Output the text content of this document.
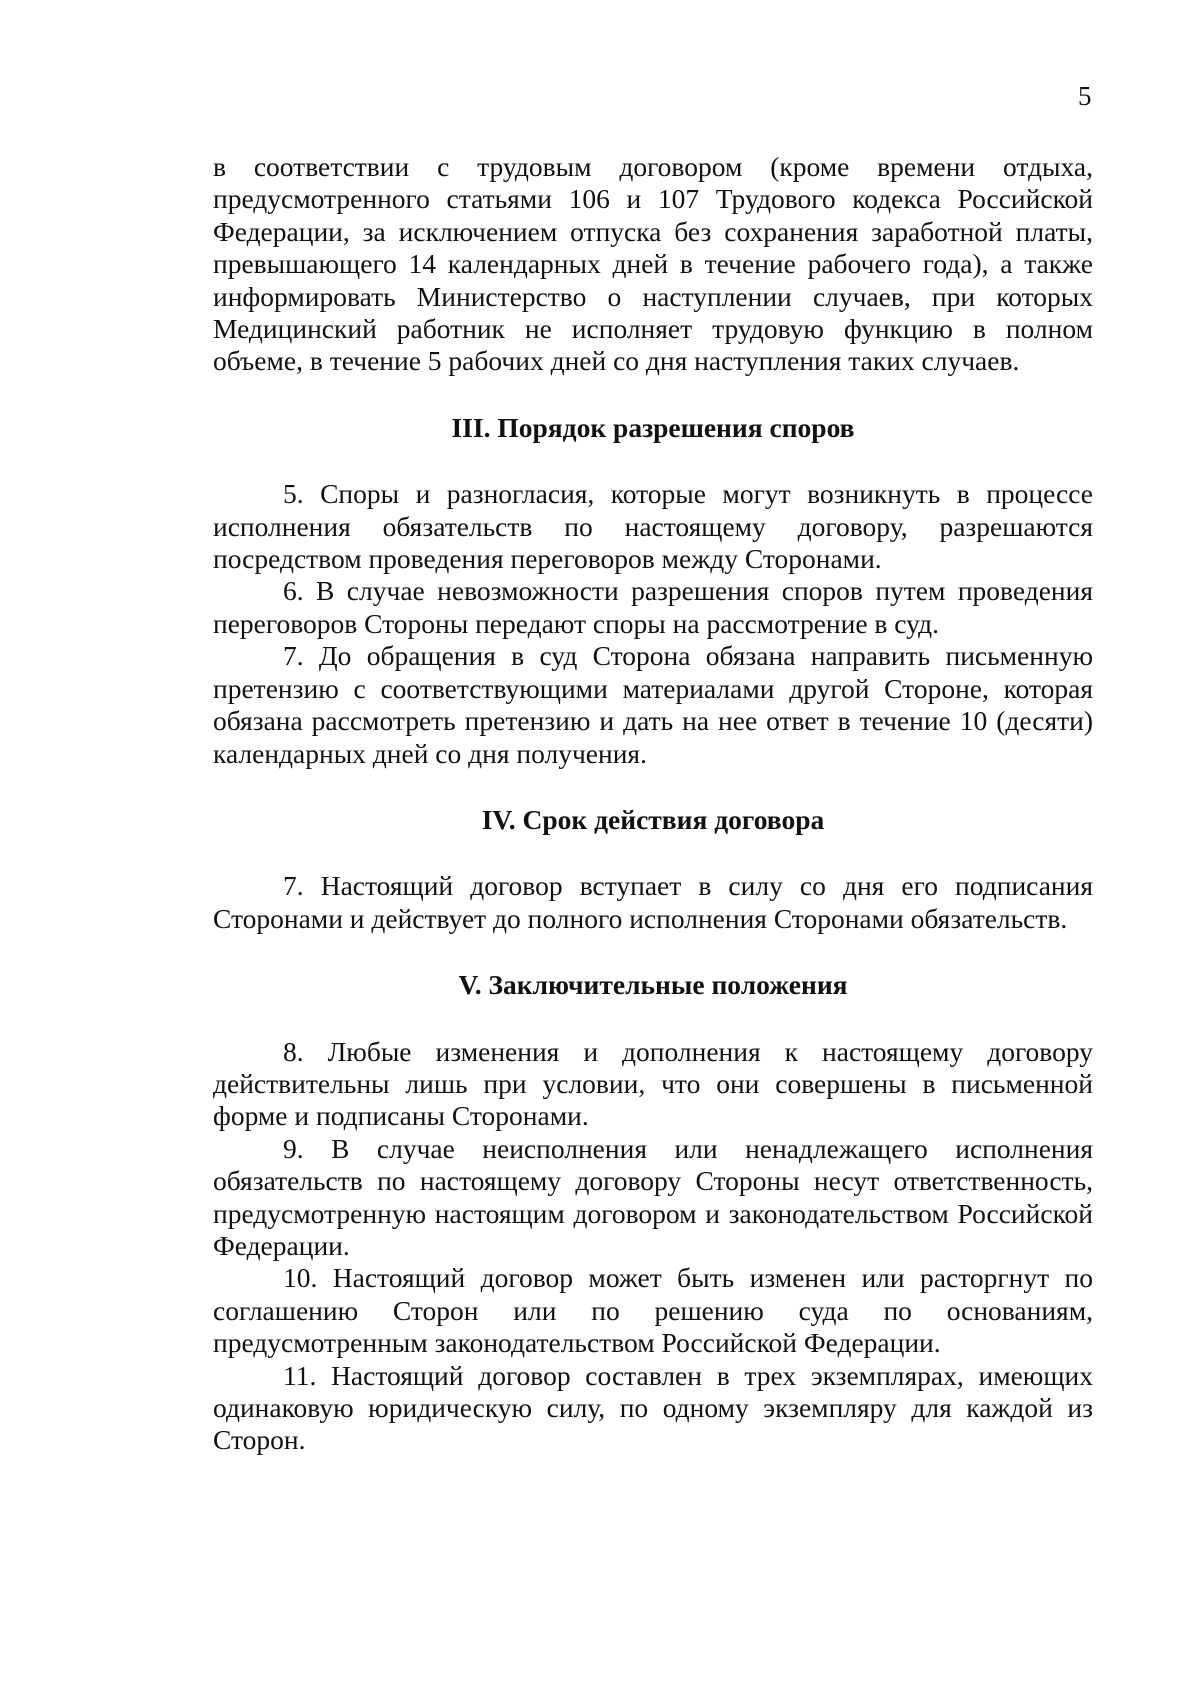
5

в соответствии с трудовым договором (кроме времени отдыха, предусмотренного статьями 106 и 107 Трудового кодекса Российской Федерации, за исключением отпуска без сохранения заработной платы, превышающего 14 календарных дней в течение рабочего года), а также информировать Министерство о наступлении случаев, при которых Медицинский работник не исполняет трудовую функцию в полном объеме, в течение 5 рабочих дней со дня наступления таких случаев.

III. Порядок разрешения споров

5. Споры и разногласия, которые могут возникнуть в процессе исполнения обязательств по настоящему договору, разрешаются посредством проведения переговоров между Сторонами.

6. В случае невозможности разрешения споров путем проведения переговоров Стороны передают споры на рассмотрение в суд.

7. До обращения в суд Сторона обязана направить письменную претензию с соответствующими материалами другой Стороне, которая обязана рассмотреть претензию и дать на нее ответ в течение 10 (десяти) календарных дней со дня получения.

IV. Срок действия договора

7. Настоящий договор вступает в силу со дня его подписания Сторонами и действует до полного исполнения Сторонами обязательств.

V. Заключительные положения

8. Любые изменения и дополнения к настоящему договору действительны лишь при условии, что они совершены в письменной форме и подписаны Сторонами.

9. В случае неисполнения или ненадлежащего исполнения обязательств по настоящему договору Стороны несут ответственность, предусмотренную настоящим договором и законодательством Российской Федерации.

10. Настоящий договор может быть изменен или расторгнут по соглашению Сторон или по решению суда по основаниям, предусмотренным законодательством Российской Федерации.

11. Настоящий договор составлен в трех экземплярах, имеющих одинаковую юридическую силу, по одному экземпляру для каждой из Сторон.
